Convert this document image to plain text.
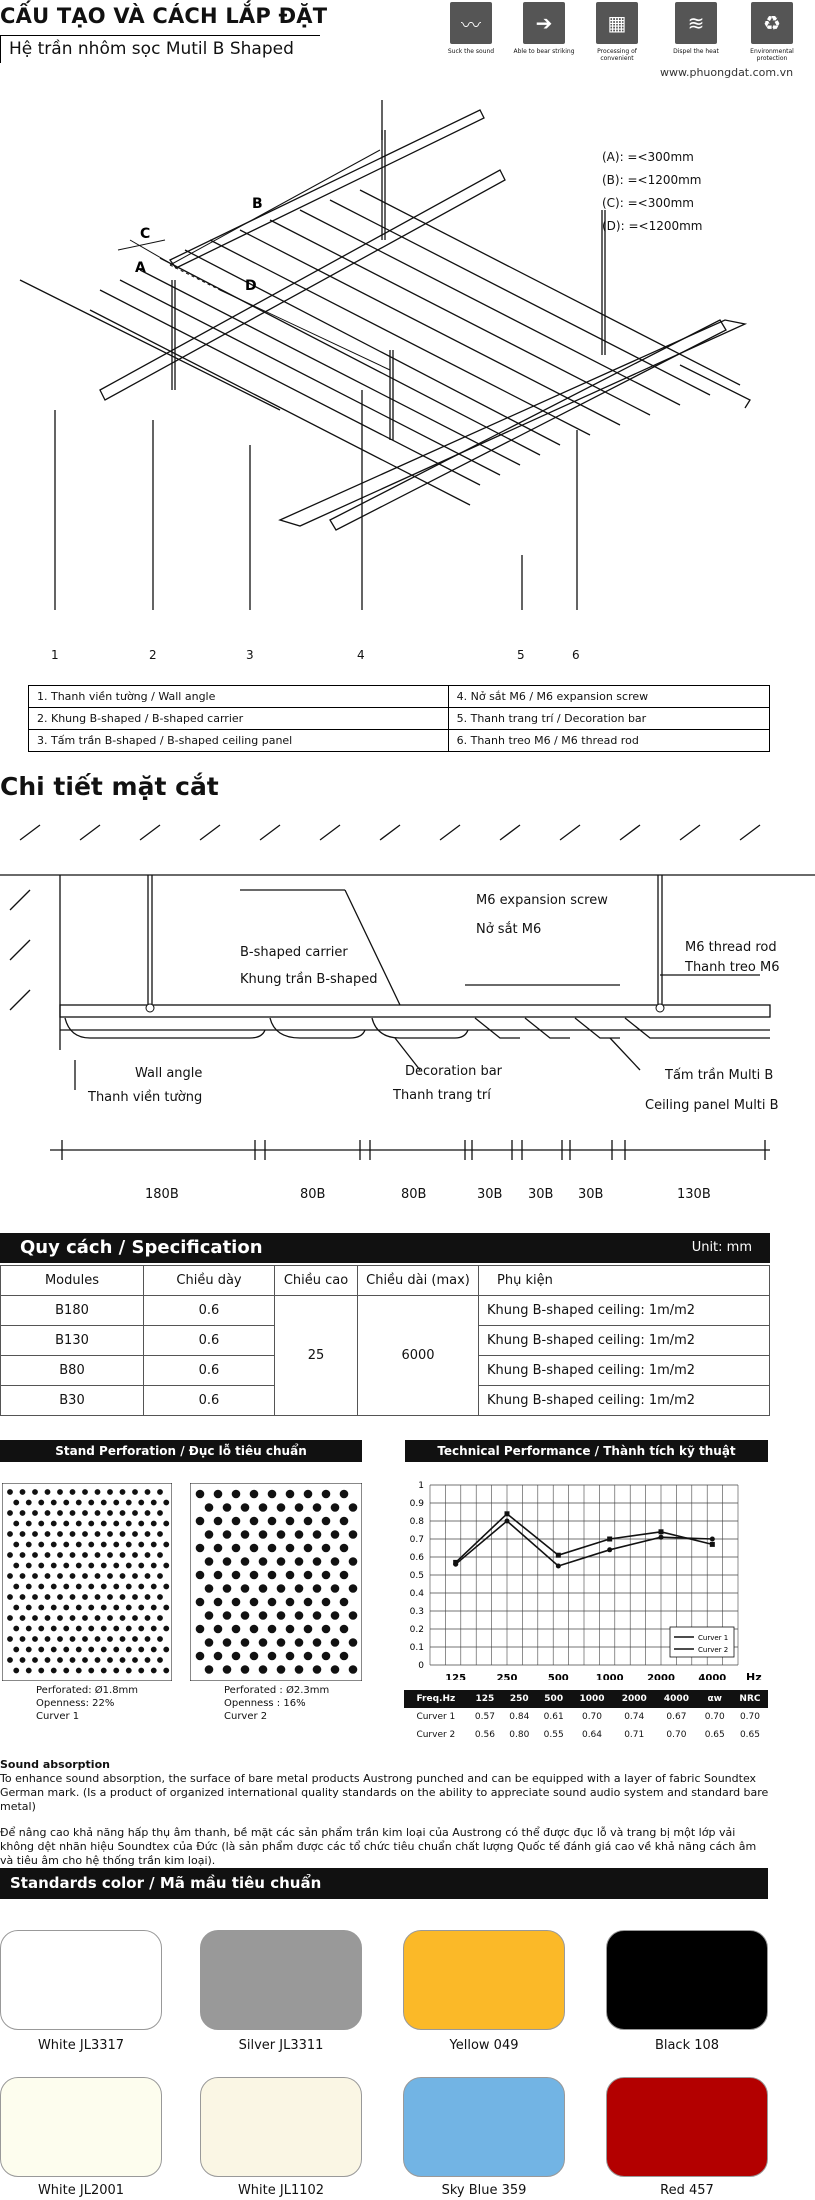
CẤU TẠO VÀ CÁCH LẮP ĐẶT
Hệ trần nhôm sọc Mutil B Shaped
〰
Suck the sound
➔
Able to bear striking
▦
Processing of convenient
≋
Dispel the heat
♻
Environmental protection
www.phuongdat.com.vn
C
A
B
D
(A): =<300mm
(B): =<1200mm
(C): =<300mm
(D): =<1200mm
1	2	3	4	5	6
1. Thanh viền tường / Wall angle	4. Nở sắt M6 / M6 expansion screw
2. Khung B-shaped / B-shaped carrier	5. Thanh trang trí / Decoration bar
3. Tấm trần B-shaped / B-shaped ceiling panel	6. Thanh treo M6 / M6 thread rod
Chi tiết mặt cắt
M6 expansion screw
Nở sắt M6
M6 thread rod
Thanh treo M6
B-shaped carrier
Khung trần B-shaped
Wall angle
Thanh viền tường
Decoration bar
Thanh trang trí
Tấm trần Multi B
Ceiling panel Multi B
180B	80B	80B	30B 30B 30B	130B
Quy cách / Specification	Unit: mm
Modules	Chiều dày	Chiều cao	Chiều dài (max)	Phụ kiện
B180	0.6	25	6000	Khung B-shaped ceiling: 1m/m2
B130	0.6			Khung B-shaped ceiling: 1m/m2
B80	0.6			Khung B-shaped ceiling: 1m/m2
B30	0.6			Khung B-shaped ceiling: 1m/m2
Stand Perforation / Đục lỗ tiêu chuẩn
Perforated: Ø1.8mm
Openness: 22%
Curver 1
Perforated : Ø2.3mm
Openness : 16%
Curver 2
Technical Performance / Thành tích kỹ thuật
0
0.1
0.2
0.3
0.4
0.5
0.6
0.7
0.8
0.9
1
125	250	500	1000 2000 4000 Hz
Curver 1
Curver 2
Freq.Hz	125	250	500	1000	2000	4000	αw	NRC
Curver 1	0.57	0.84	0.61	0.70	0.74	0.67	0.70	0.70
Curver 2	0.56	0.80	0.55	0.64	0.71	0.70	0.65	0.65
Sound absorption
To enhance sound absorption, the surface of bare metal products Austrong punched and can be equipped with a layer of fabric Soundtex German mark. (Is a product of organized international quality standards on the ability to appreciate sound audio system and standard bare metal)
Để nâng cao khả năng hấp thụ âm thanh, bề mặt các sản phẩm trần kim loại của Austrong có thể được đục lỗ và trang bị một lớp vải không dệt nhãn hiệu Soundtex của Đức (là sản phẩm được các tổ chức tiêu chuẩn chất lượng Quốc tế đánh giá cao về khả năng cách âm và tiêu âm cho hệ thống trần kim loại).
Standards color / Mã mầu tiêu chuẩn
White JL3317	Silver JL3311	Yellow 049	Black 108
White JL2001	White JL1102	Sky Blue 359	Red 457
